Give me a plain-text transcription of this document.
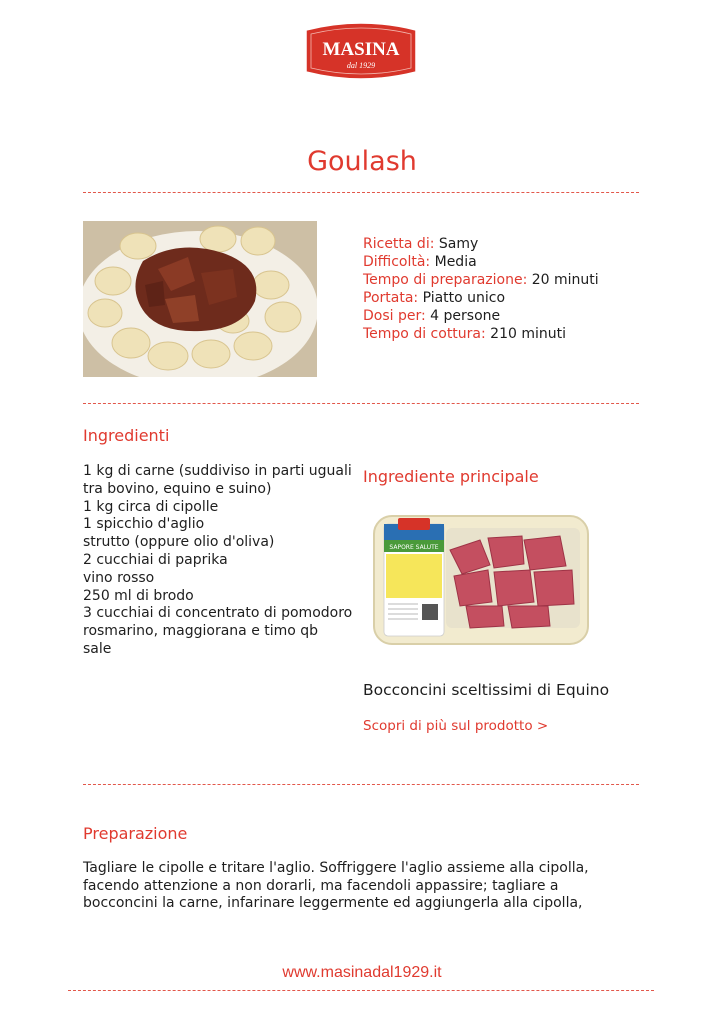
MASINA
dal 1929
Goulash
Ricetta di: Samy
Difficoltà: Media
Tempo di preparazione: 20 minuti
Portata: Piatto unico
Dosi per: 4 persone
Tempo di cottura: 210 minuti
Ingredienti
1 kg di carne (suddiviso in parti uguali tra bovino, equino e suino)
1 kg circa di cipolle
1 spicchio d'aglio
strutto (oppure olio d'oliva)
2 cucchiai di paprika
vino rosso
250 ml di brodo
3 cucchiai di concentrato di pomodoro
rosmarino, maggiorana e timo qb
sale
Ingrediente principale
SAPORE SALUTE
Bocconcini sceltissimi di Equino
Scopri di più sul prodotto >
Preparazione
Tagliare le cipolle e tritare l'aglio. Soffriggere l'aglio assieme alla cipolla, facendo attenzione a non dorarli, ma facendoli appassire; tagliare a bocconcini la carne, infarinare leggermente ed aggiungerla alla cipolla,
www.masinadal1929.it
